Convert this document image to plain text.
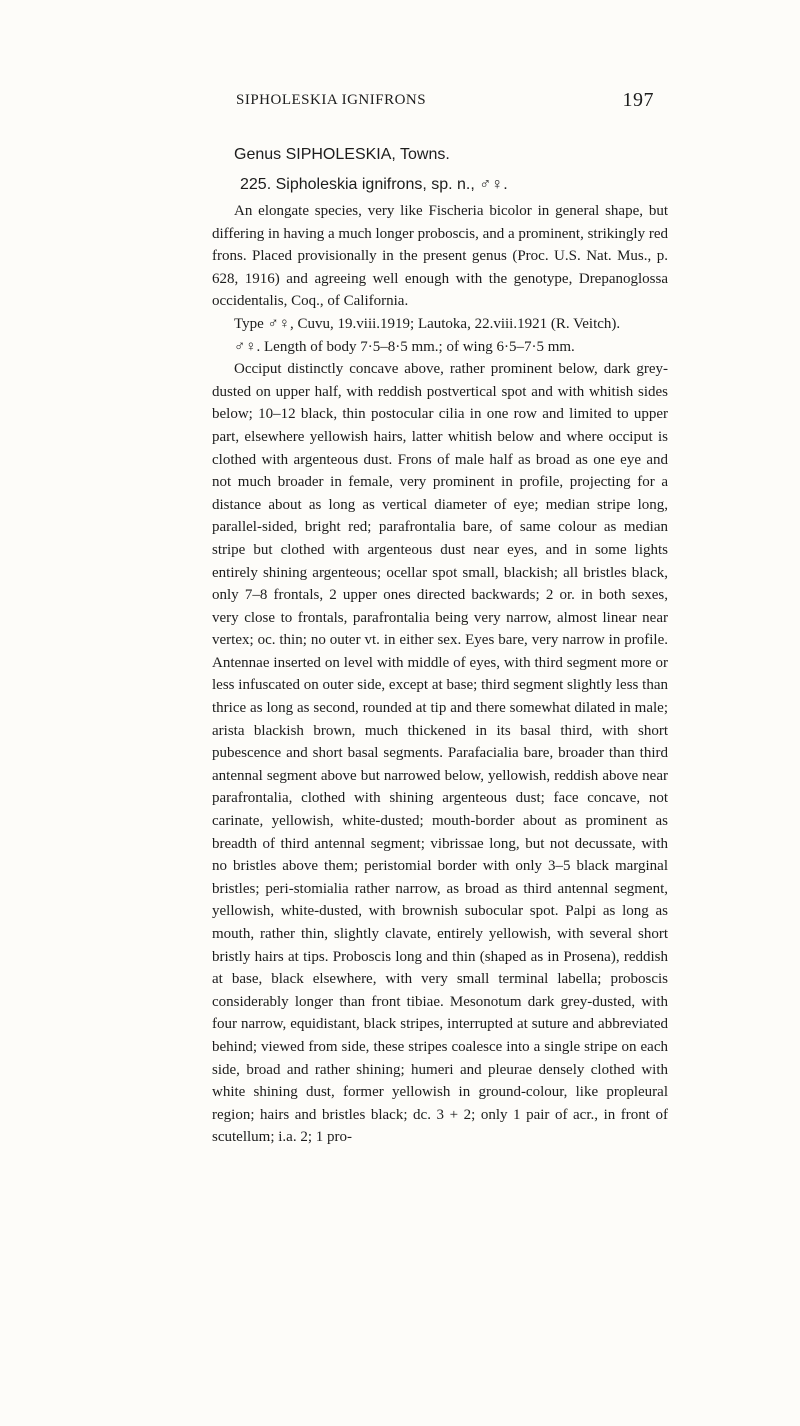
SIPHOLESKIA IGNIFRONS	197
Genus SIPHOLESKIA, Towns.
225. Sipholeskia ignifrons, sp. n., ♂♀.

An elongate species, very like Fischeria bicolor in general shape, but differing in having a much longer proboscis, and a prominent, strikingly red frons. Placed provisionally in the present genus (Proc. U.S. Nat. Mus., p. 628, 1916) and agreeing well enough with the genotype, Drepanoglossa occidentalis, Coq., of California.

Type ♂♀, Cuvu, 19.viii.1919; Lautoka, 22.viii.1921 (R. Veitch).

♂♀. Length of body 7·5–8·5 mm.; of wing 6·5–7·5 mm.

Occiput distinctly concave above, rather prominent below, dark grey-dusted on upper half, with reddish postvertical spot and with whitish sides below; 10–12 black, thin postocular cilia in one row and limited to upper part, elsewhere yellowish hairs, latter whitish below and where occiput is clothed with argenteous dust. Frons of male half as broad as one eye and not much broader in female, very prominent in profile, projecting for a distance about as long as vertical diameter of eye; median stripe long, parallel-sided, bright red; parafrontalia bare, of same colour as median stripe but clothed with argenteous dust near eyes, and in some lights entirely shining argenteous; ocellar spot small, blackish; all bristles black, only 7–8 frontals, 2 upper ones directed backwards; 2 or. in both sexes, very close to frontals, parafrontalia being very narrow, almost linear near vertex; oc. thin; no outer vt. in either sex. Eyes bare, very narrow in profile. Antennae inserted on level with middle of eyes, with third segment more or less infuscated on outer side, except at base; third segment slightly less than thrice as long as second, rounded at tip and there somewhat dilated in male; arista blackish brown, much thickened in its basal third, with short pubescence and short basal segments. Parafacialia bare, broader than third antennal segment above but narrowed below, yellowish, reddish above near parafrontalia, clothed with shining argenteous dust; face concave, not carinate, yellowish, white-dusted; mouth-border about as prominent as breadth of third antennal segment; vibrissae long, but not decussate, with no bristles above them; peristomial border with only 3–5 black marginal bristles; peri-stomialia rather narrow, as broad as third antennal segment, yellowish, white-dusted, with brownish subocular spot. Palpi as long as mouth, rather thin, slightly clavate, entirely yellowish, with several short bristly hairs at tips. Proboscis long and thin (shaped as in Prosena), reddish at base, black elsewhere, with very small terminal labella; proboscis considerably longer than front tibiae. Mesonotum dark grey-dusted, with four narrow, equidistant, black stripes, interrupted at suture and abbreviated behind; viewed from side, these stripes coalesce into a single stripe on each side, broad and rather shining; humeri and pleurae densely clothed with white shining dust, former yellowish in ground-colour, like propleural region; hairs and bristles black; dc. 3 + 2; only 1 pair of acr., in front of scutellum; i.a. 2; 1 pro-
